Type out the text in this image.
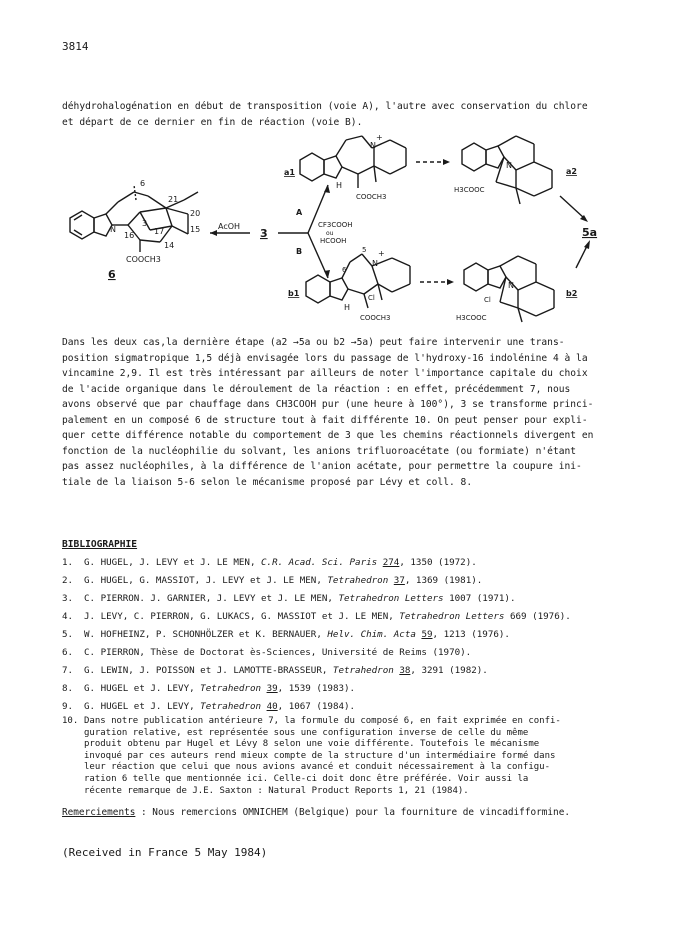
3814
déhydrohalogénation en début de transposition (voie A), l'autre avec conservation du chlore
et départ de ce dernier en fin de réaction (voie B).
6
21
3
16 17
14
20
15
N
COOCH3
6
AcOH
3
A
B
CF3COOH
ou
HCOOH
N
+
H
COOCH3
a1
N
H3COOC
a2
5a
N
+
5
6
H
Cl
COOCH3
b1
N
Cl
H3COOC
b2
Dans les deux cas,la dernière étape (a2 →5a ou b2 →5a) peut faire intervenir une trans-
position sigmatropique 1,5 déjà envisagée lors du passage de l'hydroxy-16 indolénine 4 à la
vincamine 2,9. Il est très intéressant par ailleurs de noter l'importance capitale du choix
de l'acide organique dans le déroulement de la réaction : en effet, précédemment 7, nous
avons observé que par chauffage dans CH3COOH pur (une heure à 100°), 3 se transforme princi-
palement en un composé 6 de structure tout à fait différente 10. On peut penser pour expli-
quer cette différence notable du comportement de 3 que les chemins réactionnels divergent en
fonction de la nucléophilie du solvant, les anions trifluoroacétate (ou formiate) n'étant
pas assez nucléophiles, à la différence de l'anion acétate, pour permettre la coupure ini-
tiale de la liaison 5-6 selon le mécanisme proposé par Lévy et coll. 8.
BIBLIOGRAPHIE
1. G. HUGEL, J. LEVY et J. LE MEN, C.R. Acad. Sci. Paris 274, 1350 (1972).
2. G. HUGEL, G. MASSIOT, J. LEVY et J. LE MEN, Tetrahedron 37, 1369 (1981).
3. C. PIERRON. J. GARNIER, J. LEVY et J. LE MEN, Tetrahedron Letters 1007 (1971).
4. J. LEVY, C. PIERRON, G. LUKACS, G. MASSIOT et J. LE MEN, Tetrahedron Letters 669 (1976).
5. W. HOFHEINZ, P. SCHONHÖLZER et K. BERNAUER, Helv. Chim. Acta 59, 1213 (1976).
6. C. PIERRON, Thèse de Doctorat ès-Sciences, Université de Reims (1970).
7. G. LEWIN, J. POISSON et J. LAMOTTE-BRASSEUR, Tetrahedron 38, 3291 (1982).
8. G. HUGEL et J. LEVY, Tetrahedron 39, 1539 (1983).
9. G. HUGEL et J. LEVY, Tetrahedron 40, 1067 (1984).
10. Dans notre publication antérieure 7, la formule du composé 6, en fait exprimée en confi-
guration relative, est représentée sous une configuration inverse de celle du même
produit obtenu par Hugel et Lévy 8 selon une voie différente. Toutefois le mécanisme
invoqué par ces auteurs rend mieux compte de la structure d'un intermédiaire formé dans
leur réaction que celui que nous avions avancé et conduit nécessairement à la configu-
ration 6 telle que mentionnée ici. Celle-ci doit donc être préférée. Voir aussi la
récente remarque de J.E. Saxton : Natural Product Reports 1, 21 (1984).
Remerciements : Nous remercions OMNICHEM (Belgique) pour la fourniture de vincadifformine.
(Received in France 5 May 1984)
